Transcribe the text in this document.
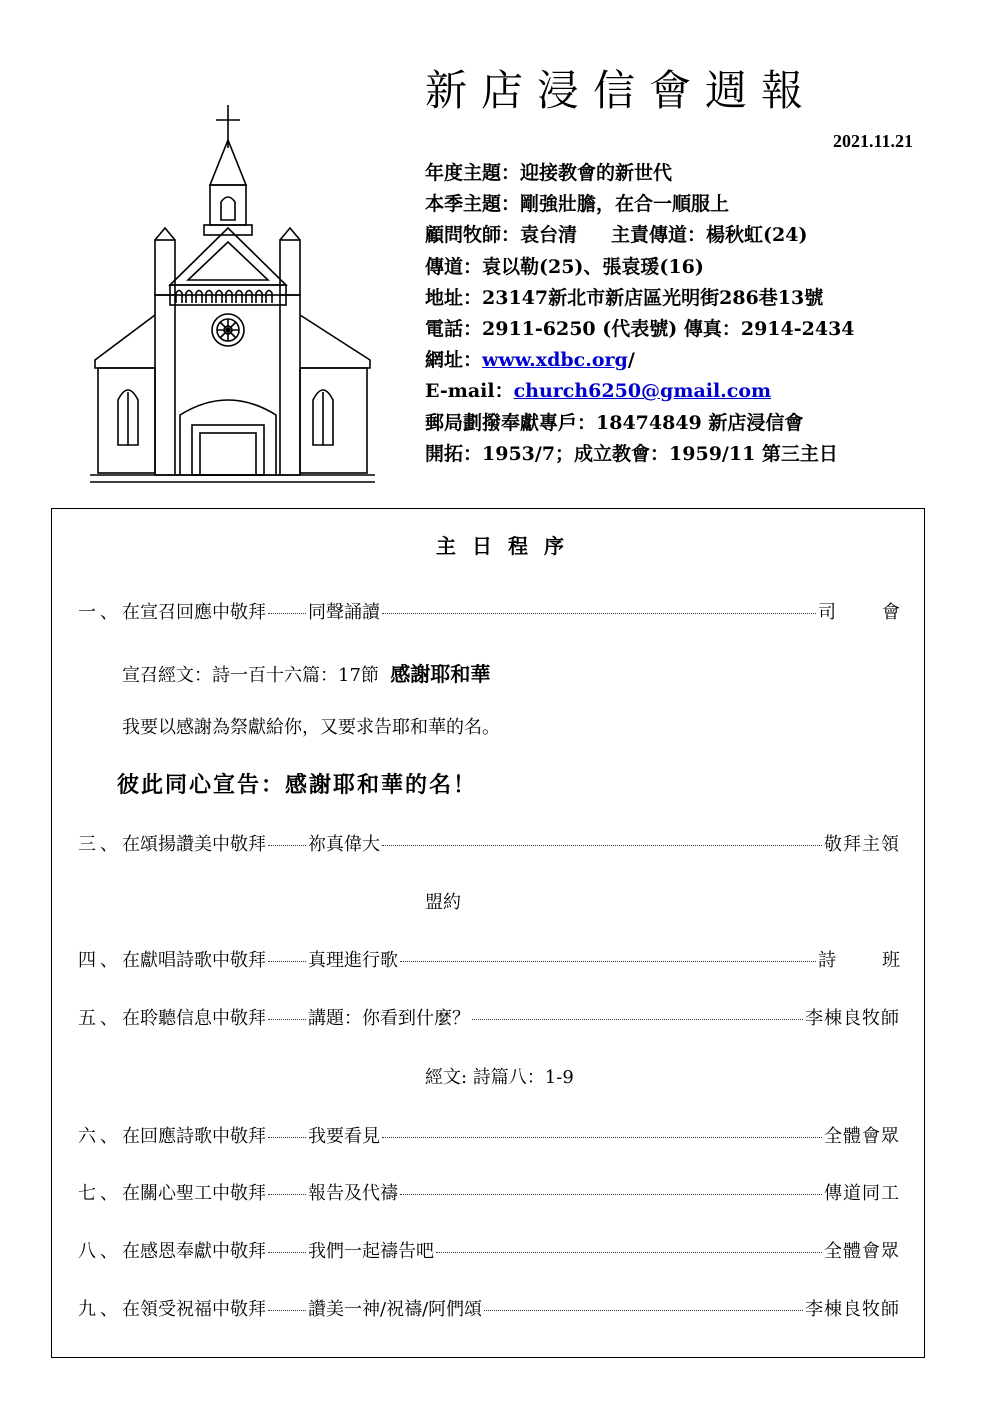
新店浸信會週報
2021.11.21
年度主題：迎接教會的新世代
本季主題：剛強壯膽，在合一順服上
顧問牧師：袁台清 主責傳道：楊秋虹(24)
傳道：袁以勒(25)、張袁瑗(16)
地址：23147新北市新店區光明街286巷13號
電話：2911-6250 (代表號) 傳真：2914-2434
網址：www.xdbc.org/
E-mail：church6250@gmail.com
郵局劃撥奉獻專戶：18474849 新店浸信會
開拓：1953/7；成立教會：1959/11 第三主日
主日程序
一、 在宣召回應中敬拜 同聲誦讀	司會
宣召經文：詩一百十六篇：17節 感謝耶和華
我要以感謝為祭獻給你，又要求告耶和華的名。
彼此同心宣告：感謝耶和華的名！
三、 在頌揚讚美中敬拜 祢真偉大	敬拜主領
盟約
四、 在獻唱詩歌中敬拜 真理進行歌	詩班
五、 在聆聽信息中敬拜 講題：你看到什麼？	李棟良牧師
經文: 詩篇八：1-9
六、 在回應詩歌中敬拜 我要看見	全體會眾
七、 在關心聖工中敬拜 報告及代禱	傳道同工
八、 在感恩奉獻中敬拜 我們一起禱告吧	全體會眾
九、 在領受祝福中敬拜 讚美一神/祝禱/阿們頌	李棟良牧師
